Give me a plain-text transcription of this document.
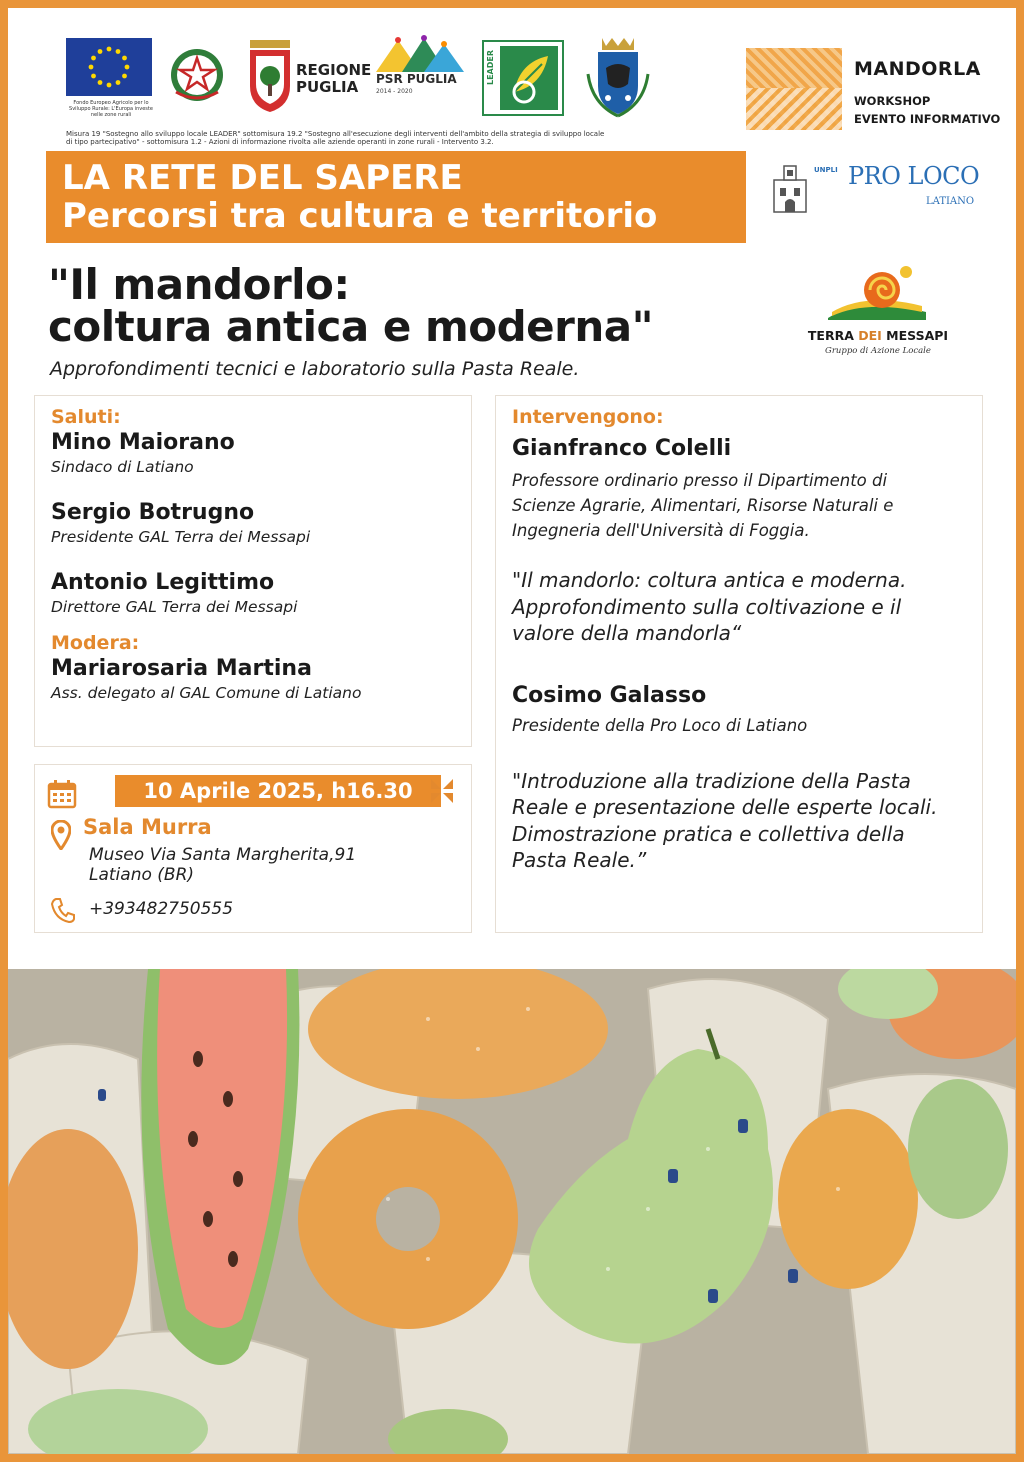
Fondo Europeo Agricolo per lo Sviluppo Rurale: L'Europa investe nelle zone rurali
REGIONE PUGLIA	PSR PUGLIA
2014 - 2020
LEADER
Misura 19 "Sostegno allo sviluppo locale LEADER" sottomisura 19.2 "Sostegno all'esecuzione degli interventi dell'ambito della strategia di sviluppo locale di tipo partecipativo" - sottomisura 1.2 - Azioni di informazione rivolta alle aziende operanti in zone rurali - Intervento 3.2.
MANDORLA
WORKSHOP
EVENTO INFORMATIVO
LA RETE DEL SAPERE
Percorsi tra cultura e territorio
UNPLI PRO LOCO
LATIANO
"Il mandorlo:
coltura antica e moderna"
Approfondimenti tecnici e laboratorio sulla Pasta Reale.
TERRA DEI MESSAPI
Gruppo di Azione Locale
Saluti:
Mino Maiorano
Sindaco di Latiano
Sergio Botrugno
Presidente GAL Terra dei Messapi
Antonio Legittimo
Direttore GAL Terra dei Messapi
Modera:
Mariarosaria Martina
Ass. delegato al GAL Comune di Latiano
Intervengono:
Gianfranco Colelli
Professore ordinario presso il Dipartimento di Scienze Agrarie, Alimentari, Risorse Naturali e Ingegneria dell'Università di Foggia.
"Il mandorlo: coltura antica e moderna. Approfondimento sulla coltivazione e il valore della mandorla“
Cosimo Galasso
Presidente della Pro Loco di Latiano
"Introduzione alla tradizione della Pasta Reale e presentazione delle esperte locali. Dimostrazione pratica e collettiva della Pasta Reale.”
10 Aprile 2025, h16.30
Sala Murra
Museo Via Santa Margherita,91
Latiano (BR)
+393482750555
